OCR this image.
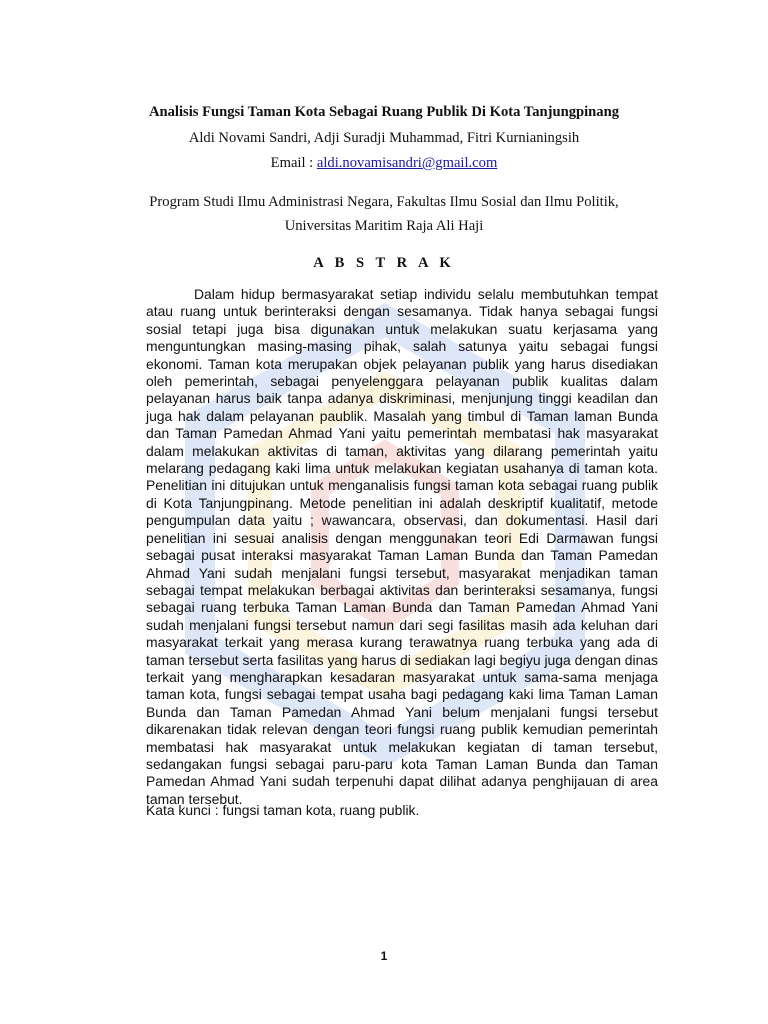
Analisis Fungsi Taman Kota Sebagai Ruang Publik Di Kota Tanjungpinang
Aldi Novami Sandri, Adji Suradji Muhammad, Fitri Kurnianingsih
Email : aldi.novamisandri@gmail.com
Program Studi Ilmu Administrasi Negara, Fakultas Ilmu Sosial dan Ilmu Politik,
Universitas Maritim Raja Ali Haji
A B S T R A K
Dalam hidup bermasyarakat setiap individu selalu membutuhkan tempat atau ruang untuk berinteraksi dengan sesamanya. Tidak hanya sebagai fungsi sosial tetapi juga bisa digunakan untuk melakukan suatu kerjasama yang menguntungkan masing-masing pihak, salah satunya yaitu sebagai fungsi ekonomi. Taman kota merupakan objek pelayanan publik yang harus disediakan oleh pemerintah, sebagai penyelenggara pelayanan publik kualitas dalam pelayanan harus baik tanpa adanya diskriminasi, menjunjung tinggi keadilan dan juga hak dalam pelayanan paublik. Masalah yang timbul di Taman laman Bunda dan Taman Pamedan Ahmad Yani yaitu pemerintah membatasi hak masyarakat dalam melakukan aktivitas di taman, aktivitas yang dilarang pemerintah yaitu melarang pedagang kaki lima untuk melakukan kegiatan usahanya di taman kota. Penelitian ini ditujukan untuk menganalisis fungsi taman kota sebagai ruang publik di Kota Tanjungpinang. Metode penelitian ini adalah deskriptif kualitatif, metode pengumpulan data yaitu ; wawancara, observasi, dan dokumentasi. Hasil dari penelitian ini sesuai analisis dengan menggunakan teori Edi Darmawan fungsi sebagai pusat interaksi masyarakat Taman Laman Bunda dan Taman Pamedan Ahmad Yani sudah menjalani fungsi tersebut, masyarakat menjadikan taman sebagai tempat melakukan berbagai aktivitas dan berinteraksi sesamanya, fungsi sebagai ruang terbuka Taman Laman Bunda dan Taman Pamedan Ahmad Yani sudah menjalani fungsi tersebut namun dari segi fasilitas masih ada keluhan dari masyarakat terkait yang merasa kurang terawatnya ruang terbuka yang ada di taman tersebut serta fasilitas yang harus di sediakan lagi begiyu juga dengan dinas terkait yang mengharapkan kesadaran masyarakat untuk sama-sama menjaga taman kota, fungsi sebagai tempat usaha bagi pedagang kaki lima Taman Laman Bunda dan Taman Pamedan Ahmad Yani belum menjalani fungsi tersebut dikarenakan tidak relevan dengan teori fungsi ruang publik kemudian pemerintah membatasi hak masyarakat untuk melakukan kegiatan di taman tersebut, sedangakan fungsi sebagai paru-paru kota Taman Laman Bunda dan Taman Pamedan Ahmad Yani sudah terpenuhi dapat dilihat adanya penghijauan di area taman tersebut.
Kata kunci : fungsi taman kota, ruang publik.
1
